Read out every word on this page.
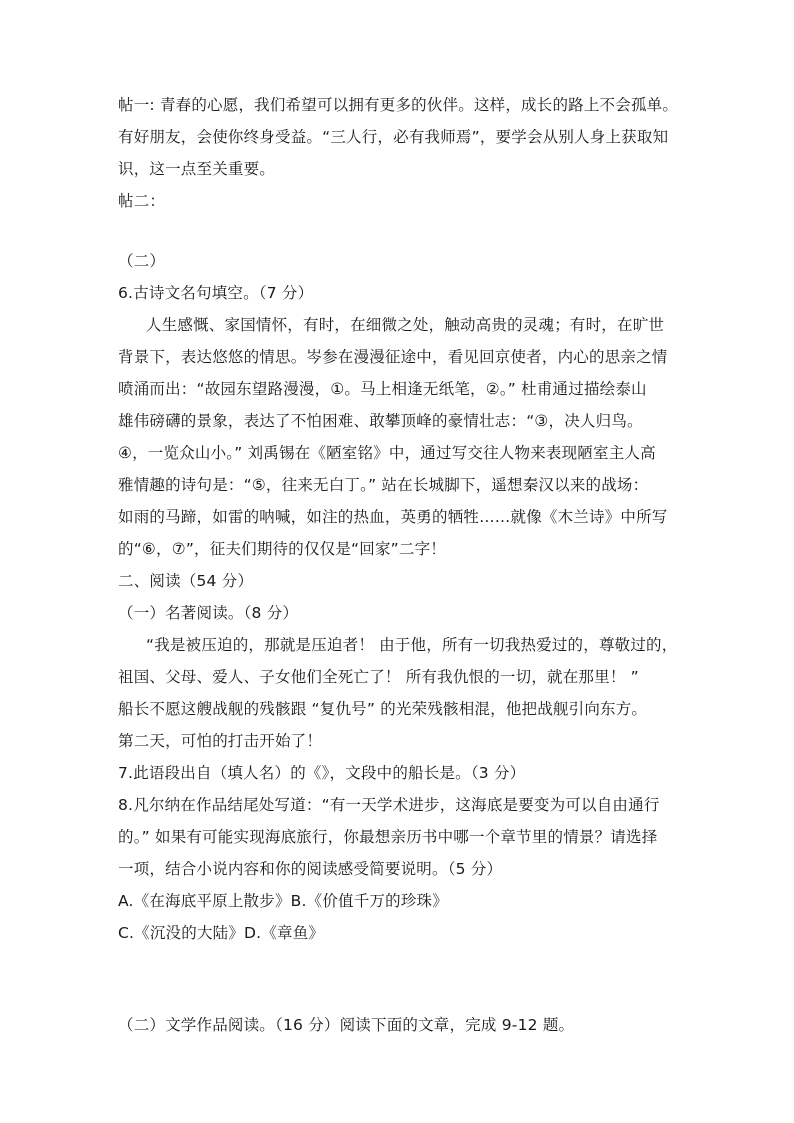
帖一: 青春的心愿，我们希望可以拥有更多的伙伴。这样，成长的路上不会孤单。
有好朋友，会使你终身受益。“三人行，必有我师焉”，要学会从别人身上获取知
识，这一点至关重要。
帖二：
（二）
6.古诗文名句填空。（7 分）
人生感慨、家国情怀，有时，在细微之处，触动高贵的灵魂；有时，在旷世
背景下，表达悠悠的情思。岑参在漫漫征途中，看见回京使者，内心的思亲之情
喷涌而出：“故园东望路漫漫，①。马上相逢无纸笔，②。” 杜甫通过描绘泰山
雄伟磅礴的景象，表达了不怕困难、敢攀顶峰的豪情壮志：“③，决人归鸟。
④，一览众山小。” 刘禹锡在《陋室铭》中，通过写交往人物来表现陋室主人高
雅情趣的诗句是：“⑤，往来无白丁。” 站在长城脚下，遥想秦汉以来的战场：
如雨的马蹄，如雷的呐喊，如注的热血，英勇的牺牲……就像《木兰诗》中所写
的“⑥，⑦”，征夫们期待的仅仅是“回家”二字！
二、阅读（54 分）
（一）名著阅读。（8 分）
“我是被压迫的，那就是压迫者！ 由于他，所有一切我热爱过的，尊敬过的，
祖国、父母、爱人、子女他们全死亡了！ 所有我仇恨的一切，就在那里！ ”
船长不愿这艘战舰的残骸跟 “复仇号” 的光荣残骸相混，他把战舰引向东方。
第二天，可怕的打击开始了！
7.此语段出自（填人名）的《》，文段中的船长是。（3 分）
8.凡尔纳在作品结尾处写道：“有一天学术进步，这海底是要变为可以自由通行
的。” 如果有可能实现海底旅行，你最想亲历书中哪一个章节里的情景？请选择
一项，结合小说内容和你的阅读感受简要说明。（5 分）
A.《在海底平原上散步》B.《价值千万的珍珠》
C.《沉没的大陆》D.《章鱼》
（二）文学作品阅读。（16 分）阅读下面的文章，完成 9-12 题。
